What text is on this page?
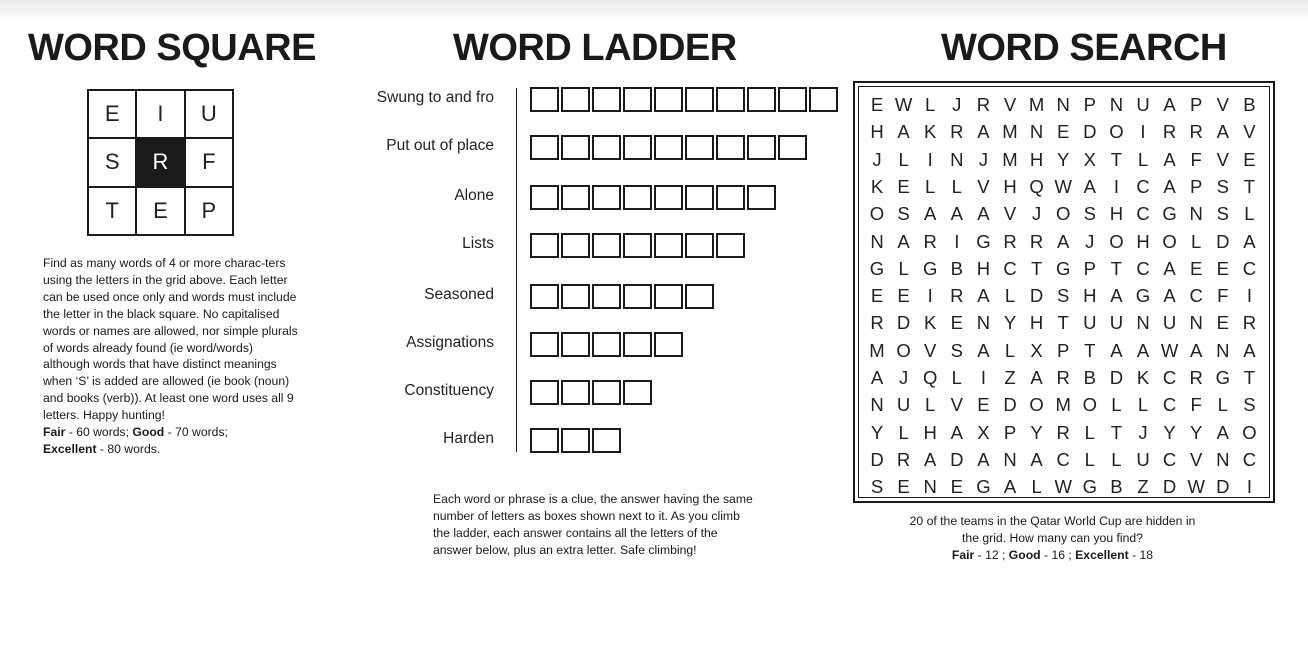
WORD SQUARE
E	I	U
S	R	F
T	E	P

Find as many words of 4 or more charac-ters using the letters in the grid above. Each letter can be used once only and words must include the letter in the black square. No capitalised words or names are allowed, nor simple plurals of words already found (ie word/words) although words that have distinct meanings when ‘S’ is added are allowed (ie book (noun) and books (verb)). At least one word uses all 9 letters. Happy hunting!

Fair - 60 words; Good - 70 words;
Excellent - 80 words.

WORD LADDER
Swung to and fro
Put out of place
Alone
Lists
Seasoned
Assignations
Constituency
Harden
Each word or phrase is a clue, the answer having the same number of letters as boxes shown next to it. As you climb the ladder, each answer contains all the letters of the answer below, plus an extra letter. Safe climbing!
WORD SEARCH
E W L J R V M N P N U A P V B
H A K R A M N E D O I R R A V
J L	I N J M H Y X T L A F V E
K E L L V H Q W A I C A P S T
O S A A A V J O S H C G N S L
N A R I G R R A J O H O L D A
G L G B H C T G P T C A E E C
E E I R A L D S H A G A C F I
R D K E N Y H T U U N U N E R
M O V S A L X P T A A W A N A
A J Q L	I Z A R B D K C R G T
N U L V E D O M O L L C F L S
Y L H A X P Y R L T J Y Y A O
D R A D A N A C L L U C V N C
S E N E G A L W G B Z D W D I
20 of the teams in the Qatar World Cup are hidden in the grid. How many can you find?
Fair - 12 ; Good - 16 ; Excellent - 18
